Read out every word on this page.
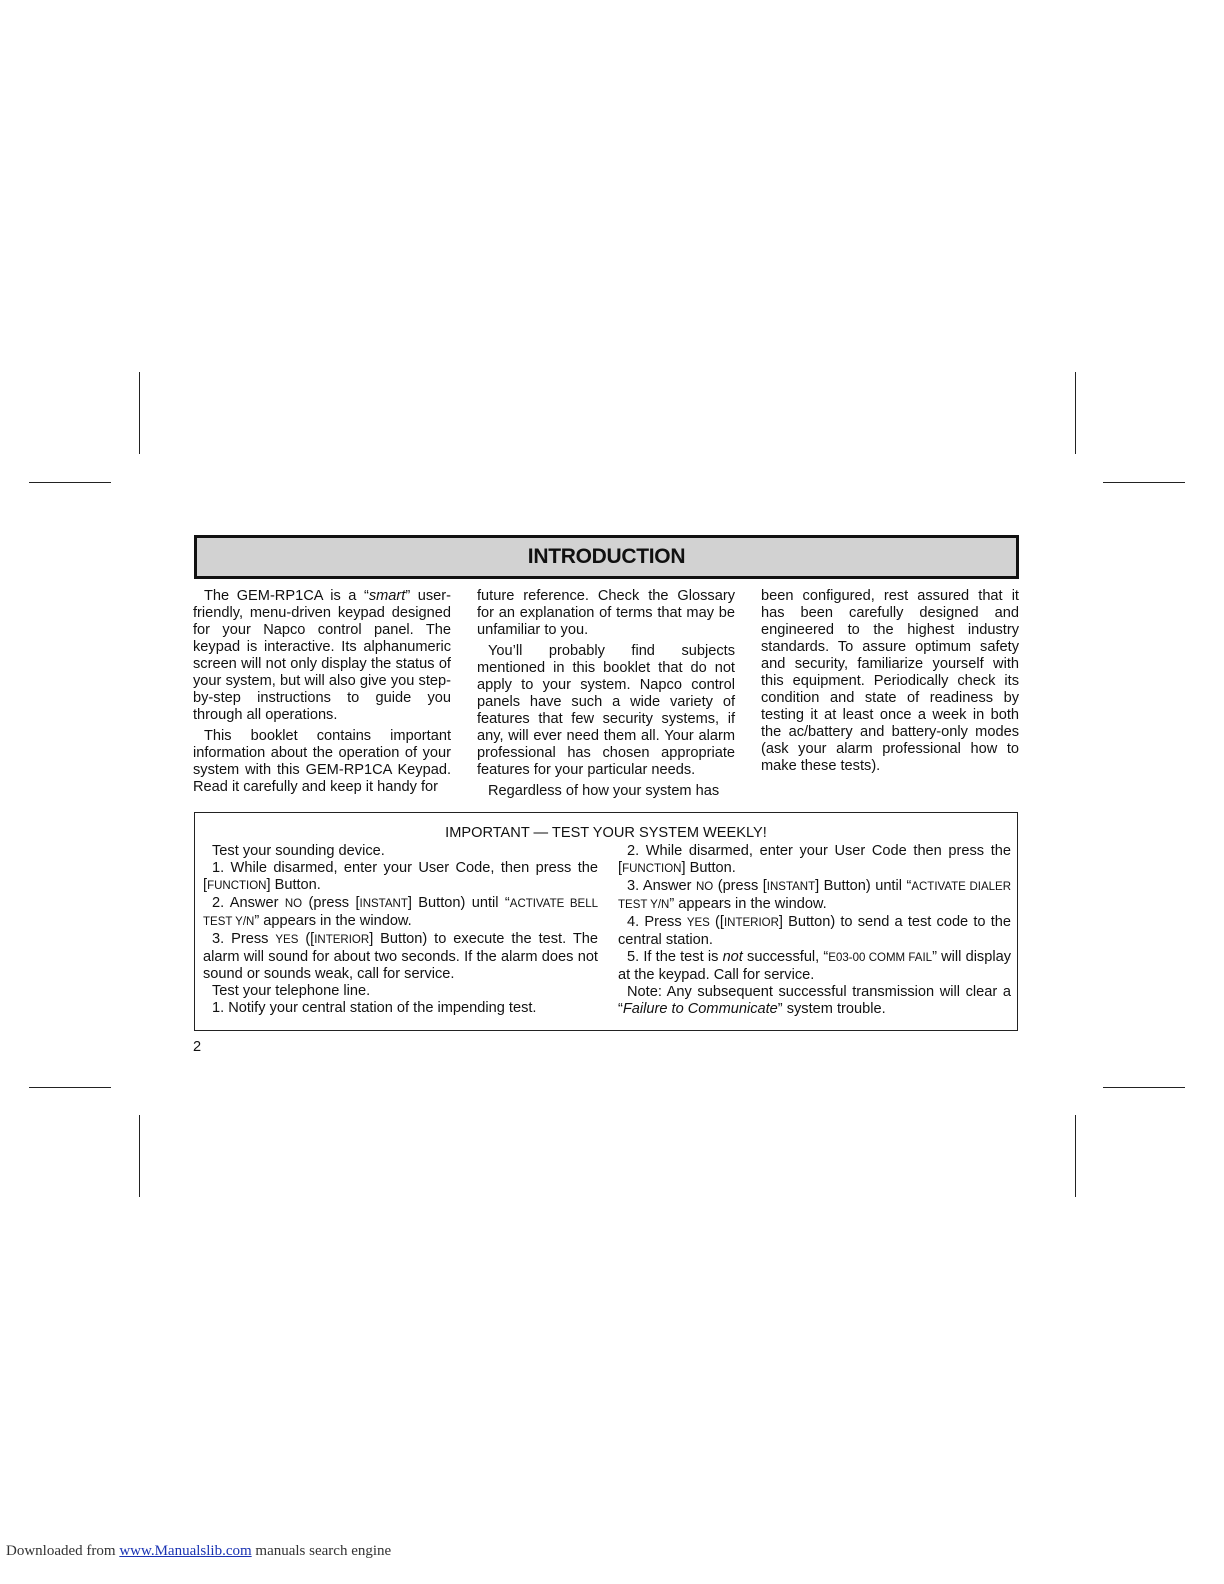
INTRODUCTION

The GEM-RP1CA is a “smart” user-friendly, menu-driven keypad designed for your Napco control panel. The keypad is interactive. Its alphanumeric screen will not only display the status of your system, but will also give you step-by-step instructions to guide you through all operations.

This booklet contains important information about the operation of your system with this GEM-RP1CA Keypad. Read it carefully and keep it handy for

future reference. Check the Glossary for an explanation of terms that may be unfamiliar to you.

You’ll probably find subjects mentioned in this booklet that do not apply to your system. Napco control panels have such a wide variety of features that few security systems, if any, will ever need them all. Your alarm professional has chosen appropriate features for your particular needs.

Regardless of how your system has

been configured, rest assured that it has been carefully designed and engineered to the highest industry standards. To assure optimum safety and security, familiarize yourself with this equipment. Periodically check its condition and state of readiness by testing it at least once a week in both the ac/battery and battery-only modes (ask your alarm professional how to make these tests).

IMPORTANT — TEST YOUR SYSTEM WEEKLY!

Test your sounding device.

1. While disarmed, enter your User Code, then press the [FUNCTION] Button.

2. Answer NO (press [INSTANT] Button) until “ACTIVATE BELL TEST Y/N” appears in the window.

3. Press YES ([INTERIOR] Button) to execute the test. The alarm will sound for about two seconds. If the alarm does not sound or sounds weak, call for service.

Test your telephone line.

1. Notify your central station of the impending test.

2. While disarmed, enter your User Code then press the [FUNCTION] Button.

3. Answer NO (press [INSTANT] Button) until “ACTIVATE DIALER TEST Y/N” appears in the window.

4. Press YES ([INTERIOR] Button) to send a test code to the central station.

5. If the test is not successful, “E03-00 COMM FAIL” will display at the keypad. Call for service.

Note: Any subsequent successful transmission will clear a “Failure to Communicate” system trouble.

2
Downloaded from www.Manualslib.com manuals search engine
